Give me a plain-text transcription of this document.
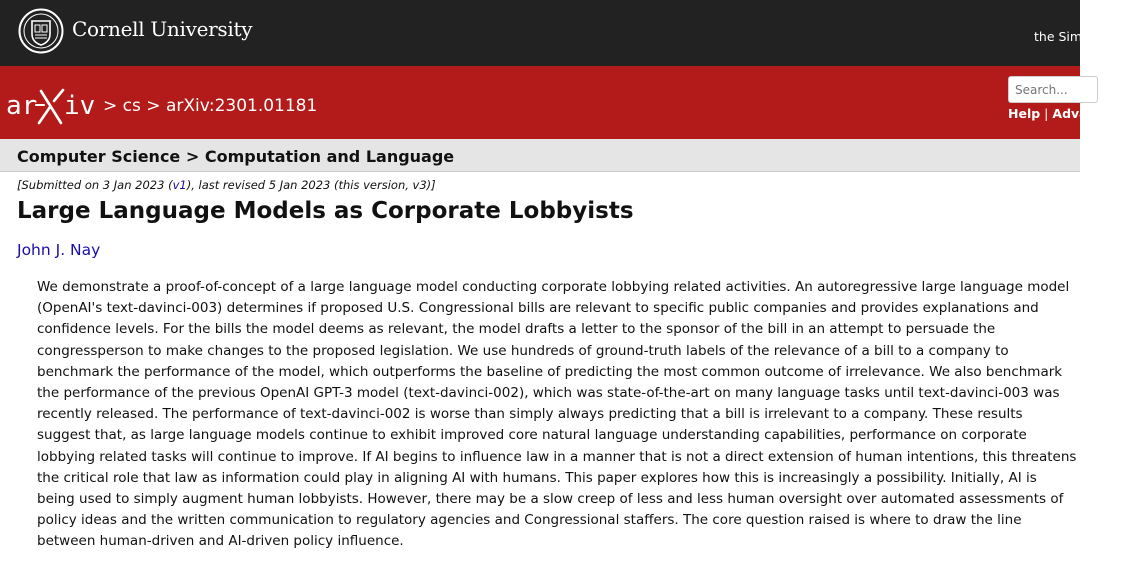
Cornell University	the Simons
ar iv > cs > arXiv:2301.01181
Search...	Help | Advanced
Computer Science > Computation and Language
[Submitted on 3 Jan 2023 (v1), last revised 5 Jan 2023 (this version, v3)]
Large Language Models as Corporate Lobbyists
John J. Nay

We demonstrate a proof-of-concept of a large language model conducting corporate lobbying related activities. An autoregressive large language model (OpenAI's text-davinci-003) determines if proposed U.S. Congressional bills are relevant to specific public companies and provides explanations and confidence levels. For the bills the model deems as relevant, the model drafts a letter to the sponsor of the bill in an attempt to persuade the congressperson to make changes to the proposed legislation. We use hundreds of ground-truth labels of the relevance of a bill to a company to benchmark the performance of the model, which outperforms the baseline of predicting the most common outcome of irrelevance. We also benchmark the performance of the previous OpenAI GPT-3 model (text-davinci-002), which was state-of-the-art on many language tasks until text-davinci-003 was recently released. The performance of text-davinci-002 is worse than simply always predicting that a bill is irrelevant to a company. These results suggest that, as large language models continue to exhibit improved core natural language understanding capabilities, performance on corporate lobbying related tasks will continue to improve. If AI begins to influence law in a manner that is not a direct extension of human intentions, this threatens the critical role that law as information could play in aligning AI with humans. This paper explores how this is increasingly a possibility. Initially, AI is being used to simply augment human lobbyists. However, there may be a slow creep of less and less human oversight over automated assessments of policy ideas and the written communication to regulatory agencies and Congressional staffers. The core question raised is where to draw the line between human-driven and AI-driven policy influence.
